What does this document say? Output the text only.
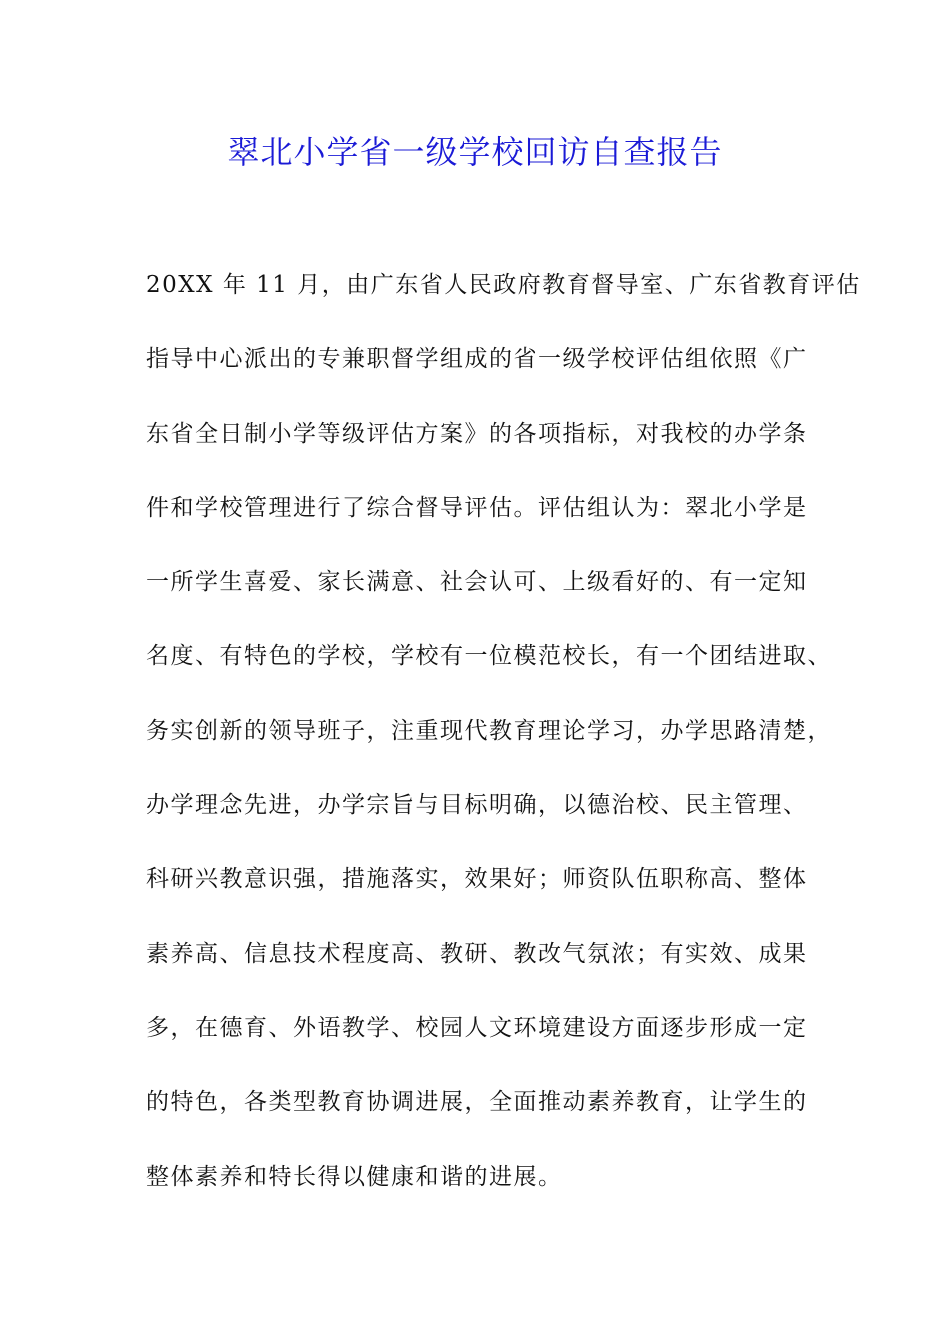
翠北小学省一级学校回访自查报告
20XX 年 11 月，由广东省人民政府教育督导室、广东省教育评估
指导中心派出的专兼职督学组成的省一级学校评估组依照《广
东省全日制小学等级评估方案》的各项指标，对我校的办学条
件和学校管理进行了综合督导评估。评估组认为：翠北小学是
一所学生喜爱、家长满意、社会认可、上级看好的、有一定知
名度、有特色的学校，学校有一位模范校长，有一个团结进取、
务实创新的领导班子，注重现代教育理论学习，办学思路清楚，
办学理念先进，办学宗旨与目标明确，以德治校、民主管理、
科研兴教意识强，措施落实，效果好；师资队伍职称高、整体
素养高、信息技术程度高、教研、教改气氛浓；有实效、成果
多，在德育、外语教学、校园人文环境建设方面逐步形成一定
的特色，各类型教育协调进展，全面推动素养教育，让学生的
整体素养和特长得以健康和谐的进展。
